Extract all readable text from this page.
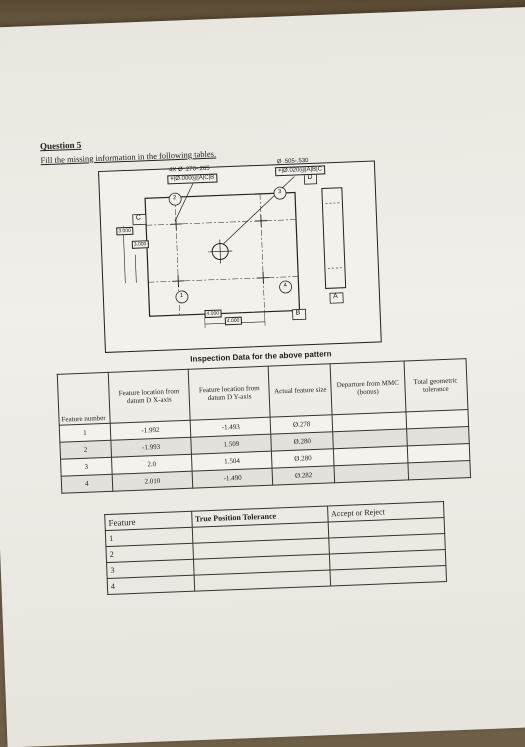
Question 5
Fill the missing information in the following tables.
4X Ø .270-.285
⌖|Ø.000Ⓜ|A|C|B
Ø .505-.530
⌖|Ø.020Ⓜ|A|B|C
C
D
B
A
3.000
3.000
4.000
4.000
2
3
1
4
Inspection Data for the above pattern
Feature number	Feature location from datum D X-axis	Feature location from datum D Y-axis	Actual feature size	Departure from MMC (bonus)	Total geometric tolerance
1	-1.992	-1.493	Ø.278		
2	-1.993	1.509	Ø.280		
3	2.0	1.504	Ø.280		
4	2.010	-1.490	Ø.282		
Feature	True Position Tolerance	Accept or Reject
1		
2		
3		
4		
